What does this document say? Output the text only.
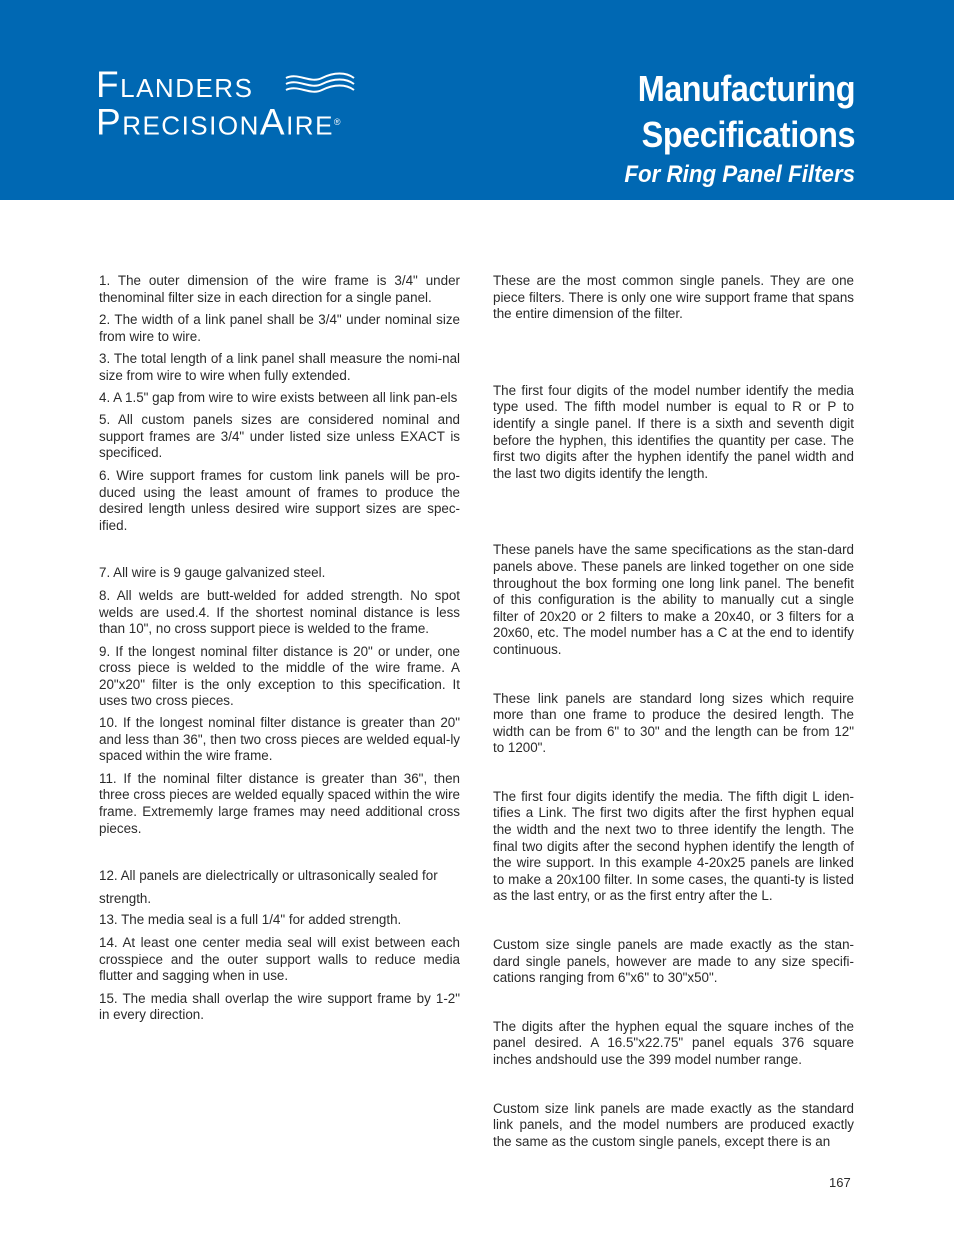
FLANDERS
PRECISIONAIRE®
Manufacturing
Specifications
For Ring Panel Filters

1. The outer dimension of the wire frame is 3/4" under thenominal filter size in each direction for a single panel.

2. The width of a link panel shall be 3/4" under nominal size from wire to wire.

3. The total length of a link panel shall measure the nomi-nal size from wire to wire when fully extended.

4. A 1.5" gap from wire to wire exists between all link pan-els

5. All custom panels sizes are considered nominal and support frames are 3/4" under listed size unless EXACT is specificed.

6. Wire support frames for custom link panels will be pro-duced using the least amount of frames to produce the desired length unless desired wire support sizes are spec-ified.

7. All wire is 9 gauge galvanized steel.

8. All welds are butt-welded for added strength. No spot welds are used.4. If the shortest nominal distance is less than 10", no cross support piece is welded to the frame.

9. If the longest nominal filter distance is 20" or under, one cross piece is welded to the middle of the wire frame. A 20"x20" filter is the only exception to this specification. It uses two cross pieces.

10. If the longest nominal filter distance is greater than 20" and less than 36", then two cross pieces are welded equal-ly spaced within the wire frame.

11. If the nominal filter distance is greater than 36", then three cross pieces are welded equally spaced within the wire frame. Extrememly large frames may need additional cross pieces.

12. All panels are dielectrically or ultrasonically sealed for

strength.

13. The media seal is a full 1/4" for added strength.

14. At least one center media seal will exist between each crosspiece and the outer support walls to reduce media flutter and sagging when in use.

15. The media shall overlap the wire support frame by 1-2" in every direction.

These are the most common single panels. They are one piece filters. There is only one wire support frame that spans the entire dimension of the filter.

The first four digits of the model number identify the media type used. The fifth model number is equal to R or P to identify a single panel. If there is a sixth and seventh digit before the hyphen, this identifies the quantity per case. The first two digits after the hyphen identify the panel width and the last two digits identify the length.

These panels have the same specifications as the stan-dard panels above. These panels are linked together on one side throughout the box forming one long link panel. The benefit of this configuration is the ability to manually cut a single filter of 20x20 or 2 filters to make a 20x40, or 3 filters for a 20x60, etc. The model number has a C at the end to identify continuous.

These link panels are standard long sizes which require more than one frame to produce the desired length. The width can be from 6" to 30" and the length can be from 12" to 1200".

The first four digits identify the media. The fifth digit L iden-tifies a Link. The first two digits after the first hyphen equal the width and the next two to three identify the length. The final two digits after the second hyphen identify the length of the wire support. In this example 4-20x25 panels are linked to make a 20x100 filter. In some cases, the quanti-ty is listed as the last entry, or as the first entry after the L.

Custom size single panels are made exactly as the stan-dard single panels, however are made to any size specifi-cations ranging from 6"x6" to 30"x50".

The digits after the hyphen equal the square inches of the panel desired. A 16.5"x22.75" panel equals 376 square inches andshould use the 399 model number range.

Custom size link panels are made exactly as the standard link panels, and the model numbers are produced exactly the same as the custom single panels, except there is an

167
